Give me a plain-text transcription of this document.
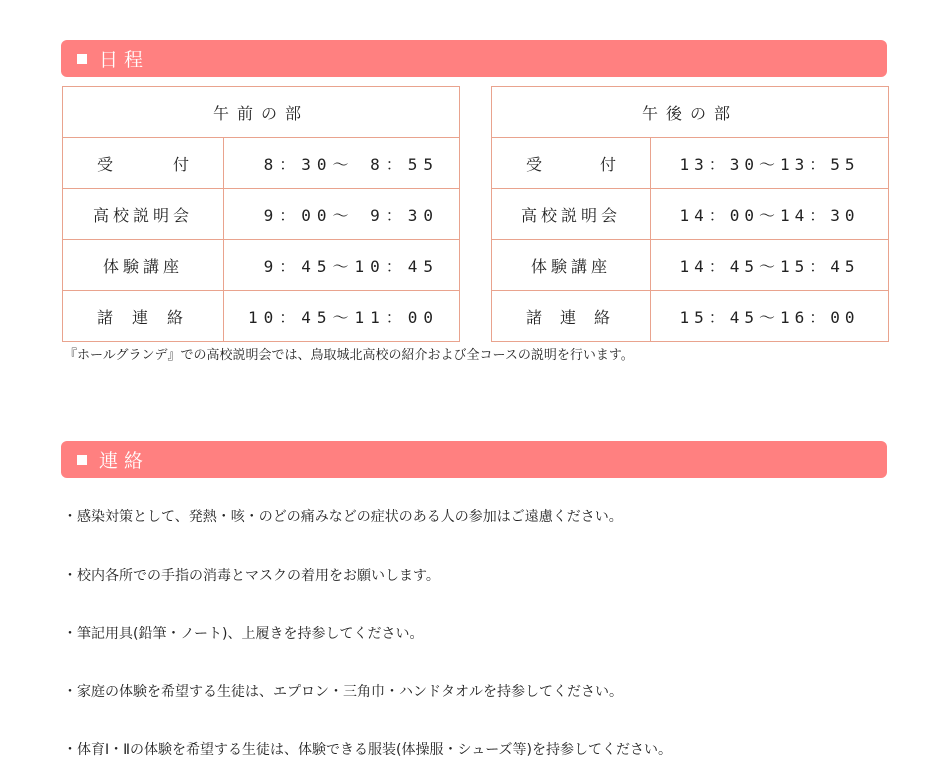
日程
午前の部	
受付	8：30～ 8：55
高校説明会	9：00～ 9：30
体験講座	9：45～10：45
諸連絡	10：45～11：00
午後の部	
受付	13：30～13：55
高校説明会	14：00～14：30
体験講座	14：45～15：45
諸連絡	15：45～16：00
『ホールグランデ』での高校説明会では、鳥取城北高校の紹介および全コースの説明を行います。
連絡
・感染対策として、発熱・咳・のどの痛みなどの症状のある人の参加はご遠慮ください。
・校内各所での手指の消毒とマスクの着用をお願いします。
・筆記用具(鉛筆・ノート)、上履きを持参してください。
・家庭の体験を希望する生徒は、エプロン・三角巾・ハンドタオルを持参してください。
・体育Ⅰ・Ⅱの体験を希望する生徒は、体験できる服装(体操服・シューズ等)を持参してください。
